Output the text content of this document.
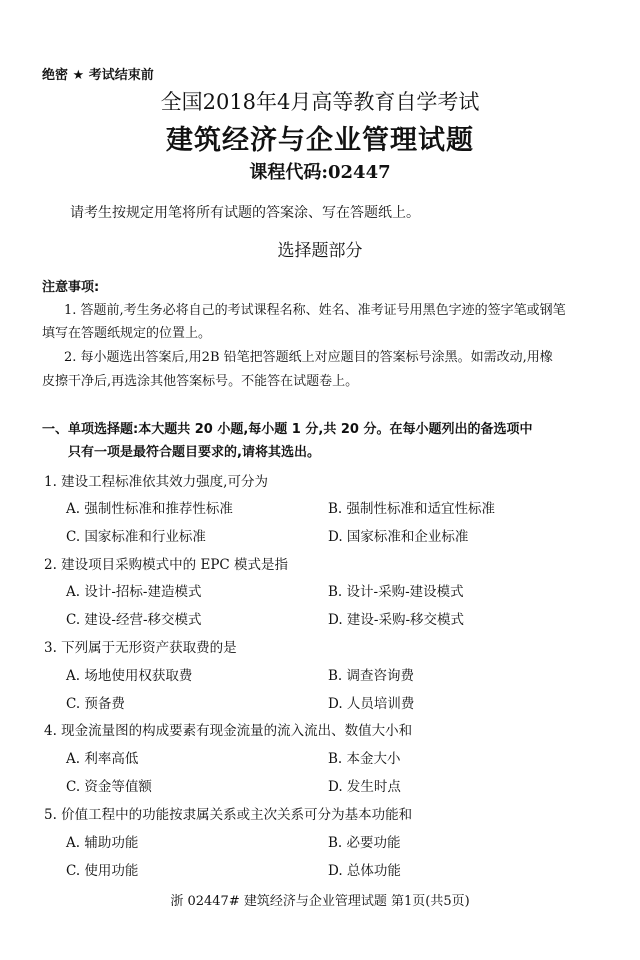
绝密 ★ 考试结束前
全国2018年4月高等教育自学考试
建筑经济与企业管理试题
课程代码:02447
请考生按规定用笔将所有试题的答案涂、写在答题纸上。
选择题部分
注意事项:
1. 答题前,考生务必将自己的考试课程名称、姓名、准考证号用黑色字迹的签字笔或钢笔
填写在答题纸规定的位置上。
2. 每小题选出答案后,用2B 铅笔把答题纸上对应题目的答案标号涂黑。如需改动,用橡
皮擦干净后,再选涂其他答案标号。不能答在试题卷上。
一、单项选择题:本大题共 20 小题,每小题 1 分,共 20 分。在每小题列出的备选项中
只有一项是最符合题目要求的,请将其选出。
1. 建设工程标准依其效力强度,可分为
A. 强制性标准和推荐性标准	B. 强制性标准和适宜性标准
C. 国家标准和行业标准	D. 国家标准和企业标准
2. 建设项目采购模式中的 EPC 模式是指
A. 设计-招标-建造模式	B. 设计-采购-建设模式
C. 建设-经营-移交模式	D. 建设-采购-移交模式
3. 下列属于无形资产获取费的是
A. 场地使用权获取费	B. 调查咨询费
C. 预备费	D. 人员培训费
4. 现金流量图的构成要素有现金流量的流入流出、数值大小和
A. 利率高低	B. 本金大小
C. 资金等值额	D. 发生时点
5. 价值工程中的功能按隶属关系或主次关系可分为基本功能和
A. 辅助功能	B. 必要功能
C. 使用功能	D. 总体功能
浙 02447# 建筑经济与企业管理试题 第1页(共5页)
